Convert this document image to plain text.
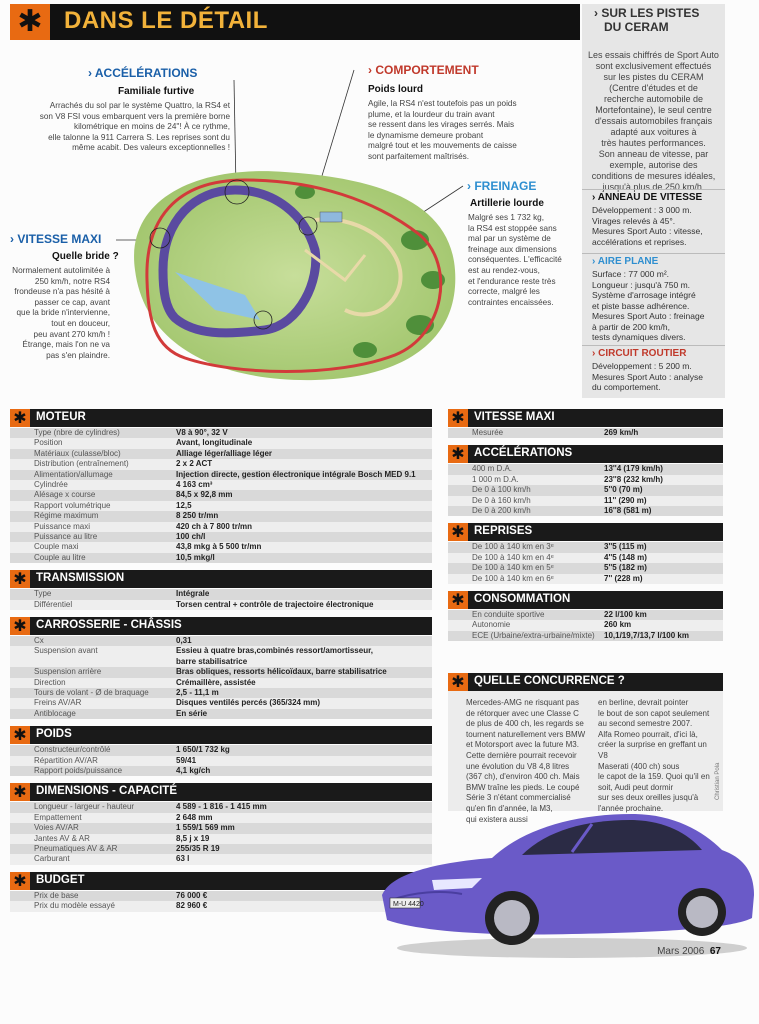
✱ DANS LE DÉTAIL	› SUR LES PISTES
DU CERAM
Les essais chiffrés de Sport Auto
sont exclusivement effectués
sur les pistes du CERAM
(Centre d'études et de
recherche automobile de
Mortefontaine), le seul centre
d'essais automobiles français
adapté aux voitures à
très hautes performances.
Son anneau de vitesse, par
exemple, autorise des
conditions de mesures idéales,
jusqu'à plus de 250 km/h.
› ANNEAU DE VITESSE
Développement : 3 000 m.
Virages relevés à 45°.
Mesures Sport Auto : vitesse,
accélérations et reprises.
› AIRE PLANE
Surface : 77 000 m².
Longueur : jusqu'à 750 m.
Système d'arrosage intégré
et piste basse adhérence.
Mesures Sport Auto : freinage
à partir de 200 km/h,
tests dynamiques divers.
› CIRCUIT ROUTIER
Développement : 5 200 m.
Mesures Sport Auto : analyse
du comportement.
› ACCÉLÉRATIONS
Familiale furtive
Arrachés du sol par le système Quattro, la RS4 et
son V8 FSI vous embarquent vers la première borne
kilométrique en moins de 24''! À ce rythme,
elle talonne la 911 Carrera S. Les reprises sont du
même acabit. Des valeurs exceptionnelles !
› COMPORTEMENT
Poids lourd
Agile, la RS4 n'est toutefois pas un poids
plume, et la lourdeur du train avant
se ressent dans les virages serrés. Mais
le dynamisme demeure probant
malgré tout et les mouvements de caisse
sont parfaitement maîtrisés.
› FREINAGE
Artillerie lourde
Malgré ses 1 732 kg,
la RS4 est stoppée sans
mal par un système de
freinage aux dimensions
conséquentes. L'efficacité
est au rendez-vous,
et l'endurance reste très
correcte, malgré les
contraintes encaissées.
› VITESSE MAXI
Quelle bride ?
Normalement autolimitée à
250 km/h, notre RS4
frondeuse n'a pas hésité à
passer ce cap, avant
que la bride n'intervienne,
tout en douceur,
peu avant 270 km/h !
Étrange, mais l'on ne va
pas s'en plaindre.
✱ MOTEUR
Type (nbre de cylindres)	V8 à 90°, 32 V
Position	Avant, longitudinale
Matériaux (culasse/bloc)	Alliage léger/alliage léger
Distribution (entraînement)	2 x 2 ACT
Alimentation/allumage	Injection directe, gestion électronique intégrale Bosch MED 9.1
Cylindrée	4 163 cm³
Alésage x course	84,5 x 92,8 mm
Rapport volumétrique	12,5
Régime maximum	8 250 tr/mn
Puissance maxi	420 ch à 7 800 tr/mn
Puissance au litre	100 ch/l
Couple maxi	43,8 mkg à 5 500 tr/mn
Couple au litre	10,5 mkg/l
✱ TRANSMISSION
Type	Intégrale
Différentiel	Torsen central + contrôle de trajectoire électronique
✱ CARROSSERIE - CHÂSSIS
Cx	0,31
Suspension avant	Essieu à quatre bras,combinés ressort/amortisseur,
barre stabilisatrice
Suspension arrière	Bras obliques, ressorts hélicoïdaux, barre stabilisatrice
Direction	Crémaillère, assistée
Tours de volant - Ø de braquage	2,5 - 11,1 m
Freins AV/AR	Disques ventilés percés (365/324 mm)
Antiblocage	En série
✱ POIDS
Constructeur/contrôlé	1 650/1 732 kg
Répartition AV/AR	59/41
Rapport poids/puissance	4,1 kg/ch
✱ DIMENSIONS - CAPACITÉ
Longueur - largeur - hauteur	4 589 - 1 816 - 1 415 mm
Empattement	2 648 mm
Voies AV/AR	1 559/1 569 mm
Jantes AV & AR	8,5 j x 19
Pneumatiques AV & AR	255/35 R 19
Carburant	63 l
✱ BUDGET
Prix de base	76 000 €
Prix du modèle essayé	82 960 €
✱ VITESSE MAXI
Mesurée	269 km/h
✱ ACCÉLÉRATIONS
400 m D.A.	13''4 (179 km/h)
1 000 m D.A.	23''8 (232 km/h)
De 0 à 100 km/h	5''0 (70 m)
De 0 à 160 km/h	11'' (290 m)
De 0 à 200 km/h	16''8 (581 m)
✱ REPRISES
De 100 à 140 km en 3ᵉ	3''5 (115 m)
De 100 à 140 km en 4ᵉ	4''5 (148 m)
De 100 à 140 km en 5ᵉ	5''5 (182 m)
De 100 à 140 km en 6ᵉ	7'' (228 m)
✱ CONSOMMATION
En conduite sportive	22 l/100 km
Autonomie	260 km
ECE (Urbaine/extra-urbaine/mixte) 10,1/19,7/13,7 l/100 km
✱ QUELLE CONCURRENCE ?
Mercedes-AMG ne risquant pas
de rétorquer avec une Classe C
de plus de 400 ch, les regards se
tournent naturellement vers BMW
et Motorsport avec la future M3.
Cette dernière pourrait recevoir
une évolution du V8 4,8 litres
(367 ch), d'environ 400 ch. Mais
BMW traîne les pieds. Le coupé
Série 3 n'étant commercialisé
qu'en fin d'année, la M3,
qui existera aussi
en berline, devrait pointer
le bout de son capot seulement
au second semestre 2007.
Alfa Romeo pourrait, d'ici là,
créer la surprise en greffant un V8
Maserati (400 ch) sous
le capot de la 159. Quoi qu'il en
soit, Audi peut dormir
sur ses deux oreilles jusqu'à
l'année prochaine.
Christian Pola
M-U 4420
Mars 2006 67
